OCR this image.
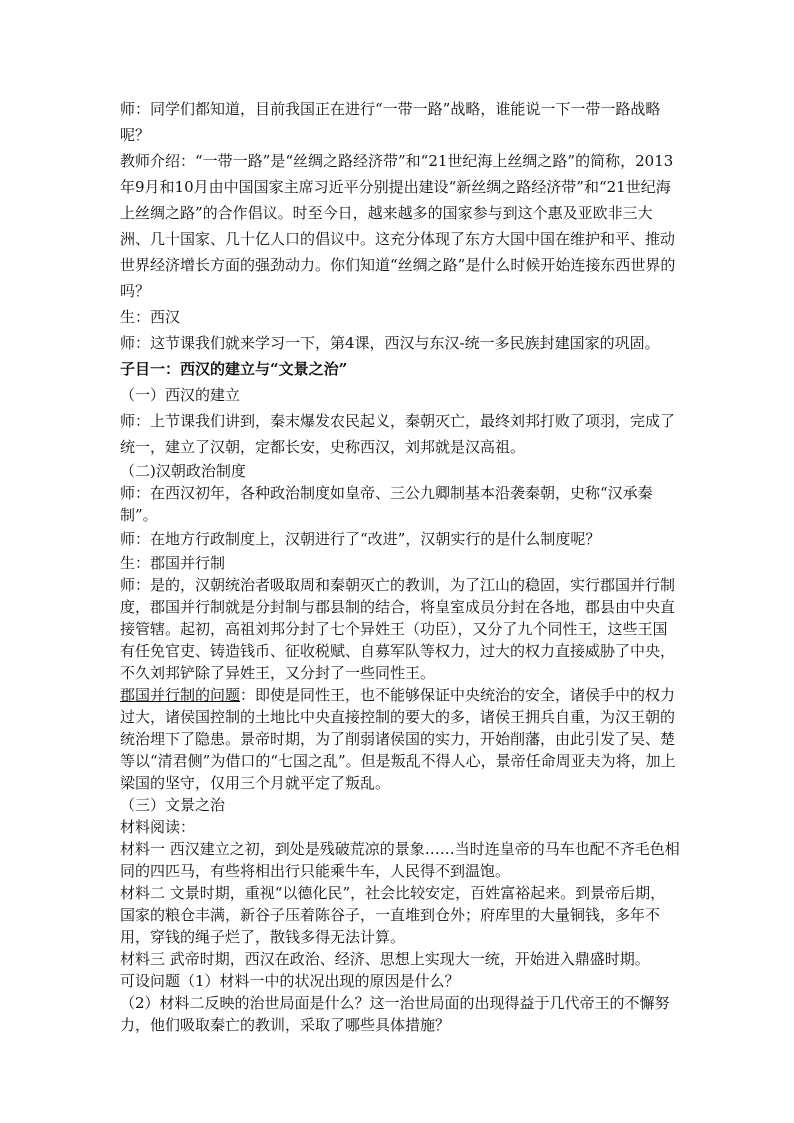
师：同学们都知道，目前我国正在进行“一带一路”战略，谁能说一下一带一路战略呢？

教师介绍：“一带一路”是“丝绸之路经济带”和“21世纪海上丝绸之路”的简称，2013年9月和10月由中国国家主席习近平分别提出建设“新丝绸之路经济带”和“21世纪海上丝绸之路”的合作倡议。时至今日，越来越多的国家参与到这个惠及亚欧非三大洲、几十国家、几十亿人口的倡议中。这充分体现了东方大国中国在维护和平、推动世界经济增长方面的强劲动力。你们知道“丝绸之路”是什么时候开始连接东西世界的吗？

生：西汉

师：这节课我们就来学习一下，第4课，西汉与东汉-统一多民族封建国家的巩固。

子目一：西汉的建立与“文景之治”

（一）西汉的建立

师：上节课我们讲到，秦末爆发农民起义，秦朝灭亡，最终刘邦打败了项羽，完成了统一，建立了汉朝，定都长安，史称西汉，刘邦就是汉高祖。

（二)汉朝政治制度

师：在西汉初年，各种政治制度如皇帝、三公九卿制基本沿袭秦朝，史称“汉承秦制”。

师：在地方行政制度上，汉朝进行了“改进”，汉朝实行的是什么制度呢？

生：郡国并行制

师：是的，汉朝统治者吸取周和秦朝灭亡的教训，为了江山的稳固，实行郡国并行制度，郡国并行制就是分封制与郡县制的结合，将皇室成员分封在各地，郡县由中央直接管辖。起初，高祖刘邦分封了七个异姓王（功臣），又分了九个同性王，这些王国有任免官吏、铸造钱币、征收税赋、自募军队等权力，过大的权力直接威胁了中央，不久刘邦铲除了异姓王，又分封了一些同性王。

郡国并行制的问题：即使是同性王，也不能够保证中央统治的安全，诸侯手中的权力过大，诸侯国控制的土地比中央直接控制的要大的多，诸侯王拥兵自重，为汉王朝的统治埋下了隐患。景帝时期，为了削弱诸侯国的实力，开始削藩，由此引发了吴、楚等以“清君侧”为借口的“七国之乱”。但是叛乱不得人心，景帝任命周亚夫为将，加上梁国的坚守，仅用三个月就平定了叛乱。

（三）文景之治

材料阅读：

材料一 西汉建立之初，到处是残破荒凉的景象……当时连皇帝的马车也配不齐毛色相同的四匹马，有些将相出行只能乘牛车，人民得不到温饱。

材料二 文景时期，重视“以德化民”，社会比较安定，百姓富裕起来。到景帝后期，国家的粮仓丰满，新谷子压着陈谷子，一直堆到仓外；府库里的大量铜钱，多年不用，穿钱的绳子烂了，散钱多得无法计算。

材料三 武帝时期，西汉在政治、经济、思想上实现大一统，开始进入鼎盛时期。

可设问题（1）材料一中的状况出现的原因是什么？

（2）材料二反映的治世局面是什么？这一治世局面的出现得益于几代帝王的不懈努力，他们吸取秦亡的教训，采取了哪些具体措施？
